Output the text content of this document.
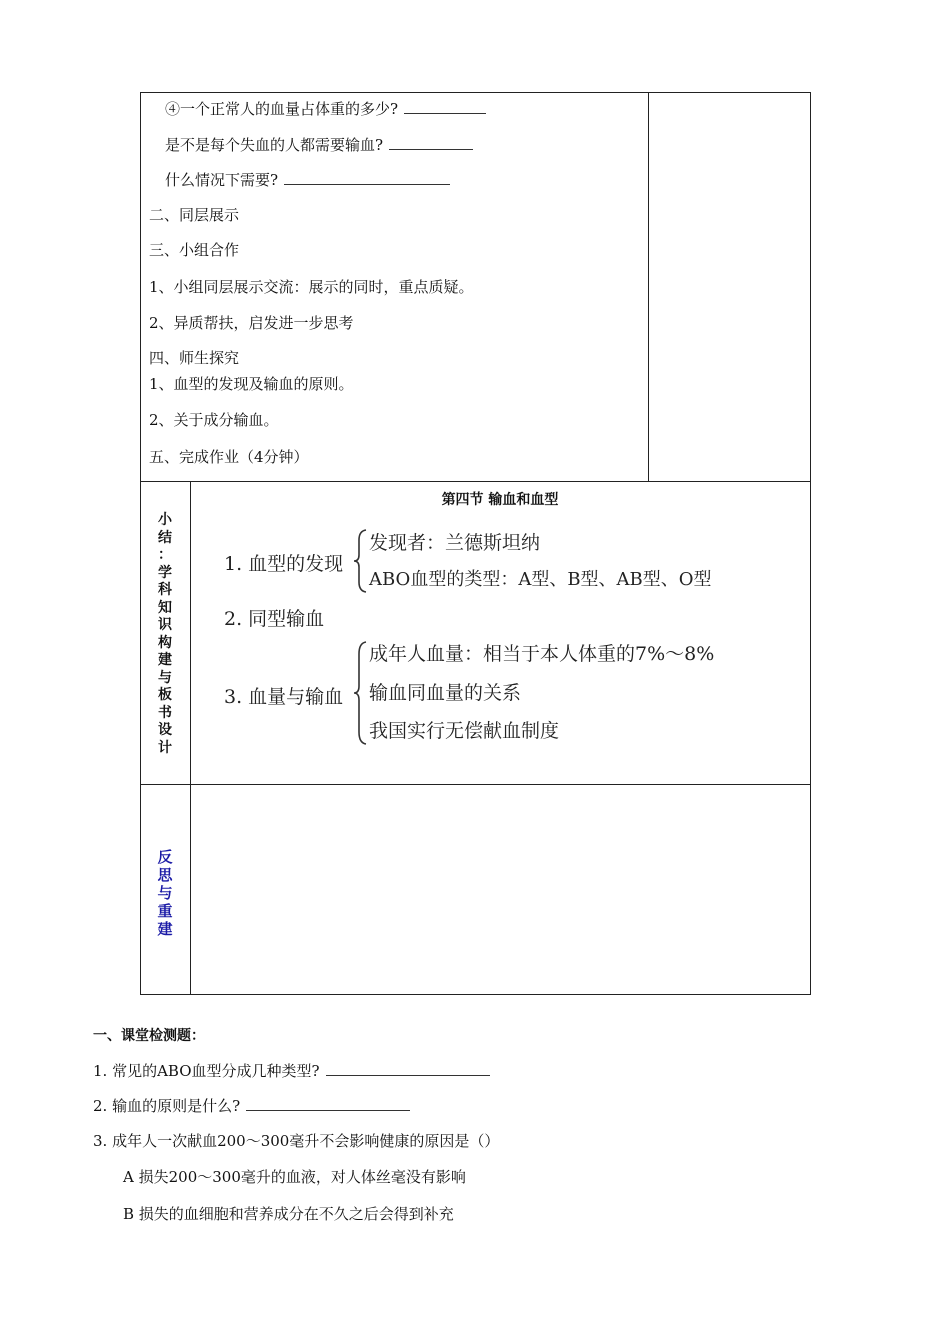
④一个正常人的血量占体重的多少?
是不是每个失血的人都需要输血?
什么情况下需要?
二、同层展示
三、小组合作
1、小组同层展示交流：展示的同时，重点质疑。
2、异质帮扶，启发进一步思考
四、师生探究
1、血型的发现及输血的原则。
2、关于成分输血。
五、完成作业（4分钟）
小
结
：
学
科
知
识
构
建
与
板
书
设
计
第四节 输血和血型
1. 血型的发现
发现者：兰德斯坦纳
ABO血型的类型：A型、B型、AB型、O型
2. 同型输血
3. 血量与输血
成年人血量：相当于本人体重的7%～8%
输血同血量的关系
我国实行无偿献血制度
反
思
与
重
建
一、课堂检测题：
1. 常见的ABO血型分成几种类型?
2. 输血的原则是什么?
3. 成年人一次献血200～300毫升不会影响健康的原因是（）
A 损失200～300毫升的血液，对人体丝毫没有影响
B 损失的血细胞和营养成分在不久之后会得到补充
